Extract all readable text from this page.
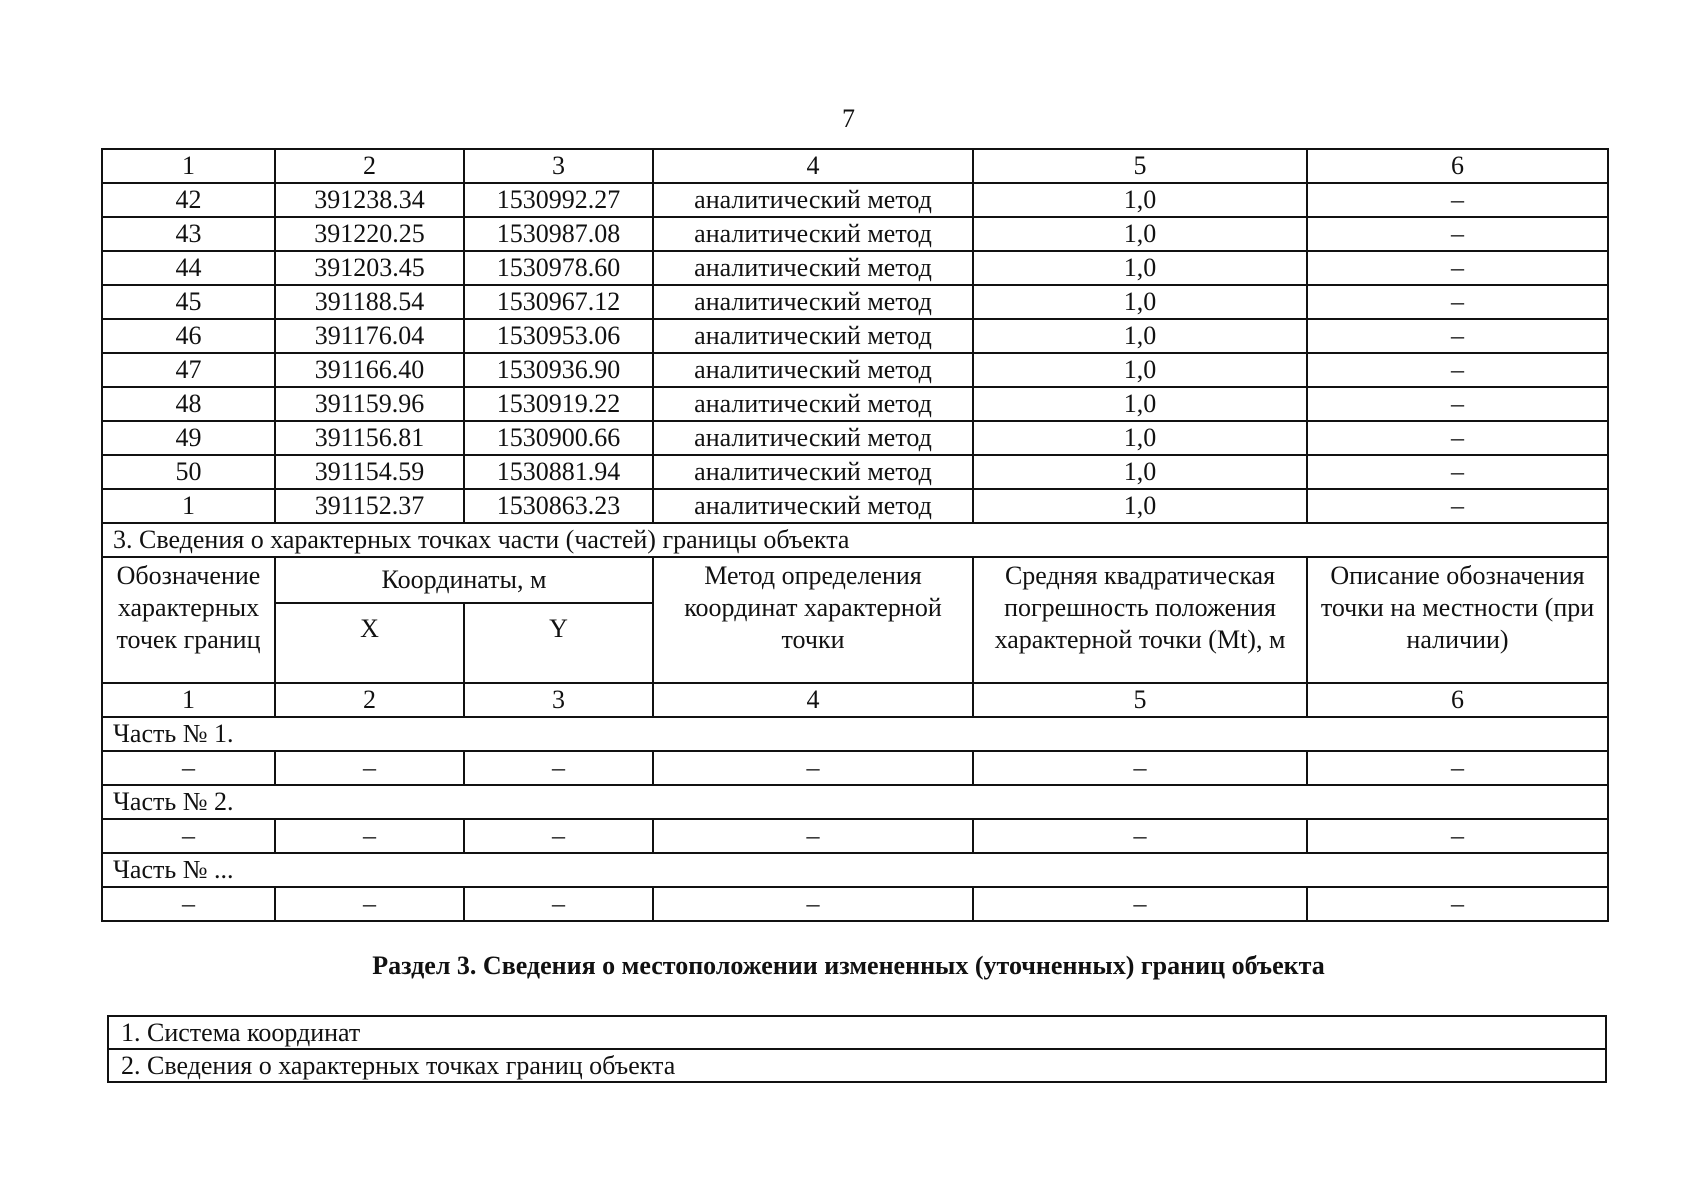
7
1	2	3	4	5	6
42	391238.34	1530992.27	аналитический метод	1,0	–
43	391220.25	1530987.08	аналитический метод	1,0	–
44	391203.45	1530978.60	аналитический метод	1,0	–
45	391188.54	1530967.12	аналитический метод	1,0	–
46	391176.04	1530953.06	аналитический метод	1,0	–
47	391166.40	1530936.90	аналитический метод	1,0	–
48	391159.96	1530919.22	аналитический метод	1,0	–
49	391156.81	1530900.66	аналитический метод	1,0	–
50	391154.59	1530881.94	аналитический метод	1,0	–
1	391152.37	1530863.23	аналитический метод	1,0	–
3. Сведения о характерных точках части (частей) границы объекта					
Обозначение характерных точек границ	Координаты, м		Метод определения координат характерной точки	Средняя квадратическая погрешность положения характерной точки (Mt), м	Описание обозначения точки на местности (при наличии)
	X	Y			
1	2	3	4	5	6
Часть № 1.					
–	–	–	–	–	–
Часть № 2.					
–	–	–	–	–	–
Часть № ...					
–	–	–	–	–	–
Раздел 3. Сведения о местоположении измененных (уточненных) границ объекта
1. Система координат
2. Сведения о характерных точках границ объекта
